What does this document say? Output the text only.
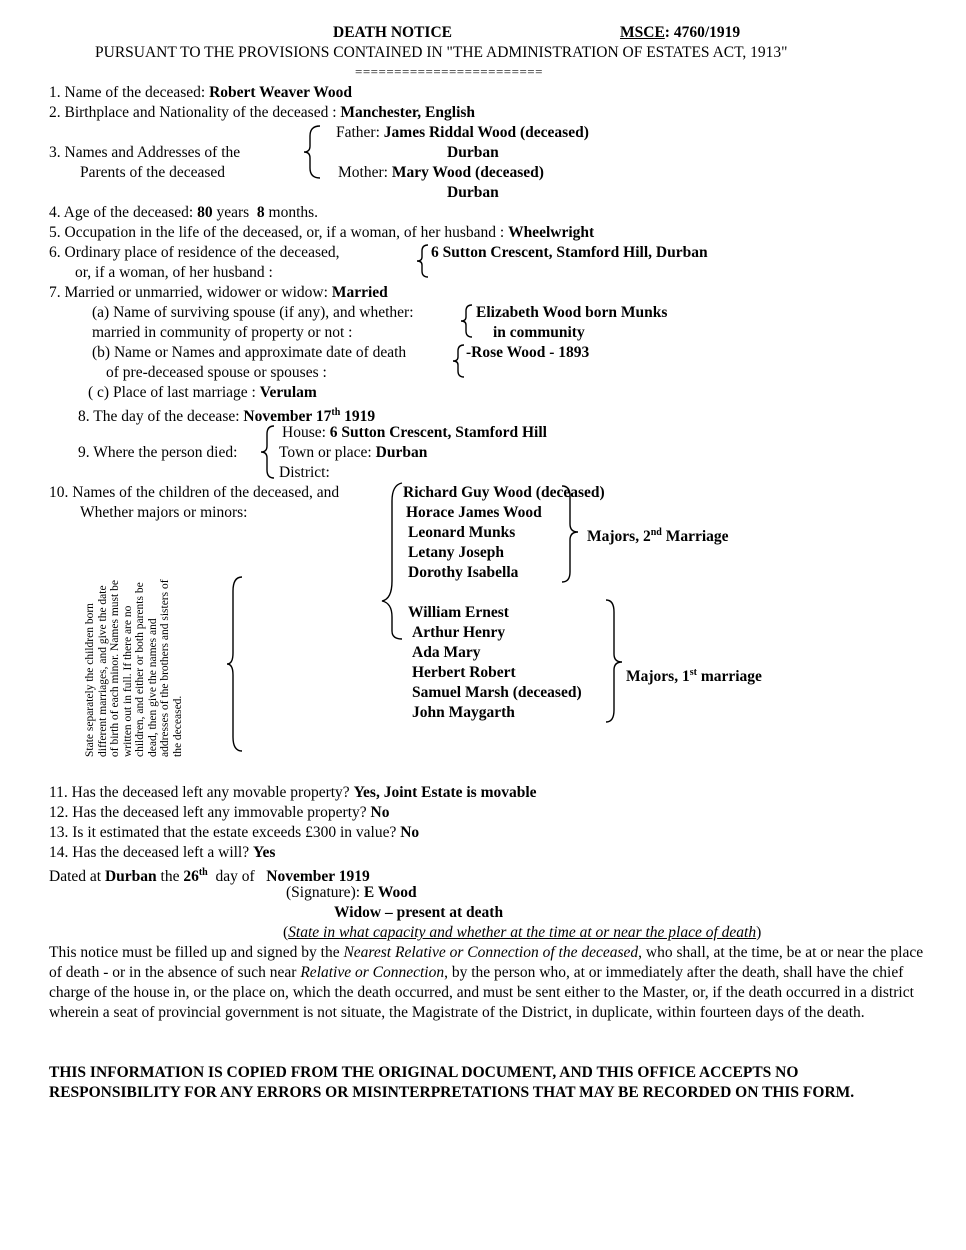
DEATH NOTICE	MSCE: 4760/1919
PURSUANT TO THE PROVISIONS CONTAINED IN "THE ADMINISTRATION OF ESTATES ACT, 1913"
========================
1. Name of the deceased: Robert Weaver Wood
2. Birthplace and Nationality of the deceased : Manchester, English
3. Names and Addresses of the
Parents of the deceased
Father: James Riddal Wood (deceased)
Durban
Mother: Mary Wood (deceased)
Durban
4. Age of the deceased: 80 years 8 months.
5. Occupation in the life of the deceased, or, if a woman, of her husband : Wheelwright
6. Ordinary place of residence of the deceased,
or, if a woman, of her husband :
6 Sutton Crescent, Stamford Hill, Durban
7. Married or unmarried, widower or widow: Married
(a) Name of surviving spouse (if any), and whether:
married in community of property or not :
Elizabeth Wood born Munks
in community
(b) Name or Names and approximate date of death
of pre-deceased spouse or spouses :
-Rose Wood - 1893
( c) Place of last marriage : Verulam
8. The day of the decease: November 17th 1919
9. Where the person died:
House: 6 Sutton Crescent, Stamford Hill
Town or place: Durban
District:
10. Names of the children of the deceased, and
Whether majors or minors:
State separately the children born different marriages, and give the date of birth of each minor. Names must be written out in full. If there are no children, and either or both parents be dead, then give the names and addresses of the brothers and sisters of the deceased.
Richard Guy Wood (deceased)
Horace James Wood
Leonard Munks
Letany Joseph
Dorothy Isabella
Majors, 2nd Marriage
William Ernest
Arthur Henry
Ada Mary
Herbert Robert
Samuel Marsh (deceased)
John Maygarth
Majors, 1st marriage
11. Has the deceased left any movable property? Yes, Joint Estate is movable
12. Has the deceased left any immovable property? No
13. Is it estimated that the estate exceeds £300 in value? No
14. Has the deceased left a will? Yes
Dated at Durban the 26th day of November 1919
(Signature): E Wood
Widow – present at death
(State in what capacity and whether at the time at or near the place of death)
This notice must be filled up and signed by the Nearest Relative or Connection of the deceased, who shall, at the time, be at or near the place of death - or in the absence of such near Relative or Connection, by the person who, at or immediately after the death, shall have the chief charge of the house in, or the place on, which the death occurred, and must be sent either to the Master, or, if the death occurred in a district wherein a seat of provincial government is not situate, the Magistrate of the District, in duplicate, within fourteen days of the death.
THIS INFORMATION IS COPIED FROM THE ORIGINAL DOCUMENT, AND THIS OFFICE ACCEPTS NO RESPONSIBILITY FOR ANY ERRORS OR MISINTERPRETATIONS THAT MAY BE RECORDED ON THIS FORM.
